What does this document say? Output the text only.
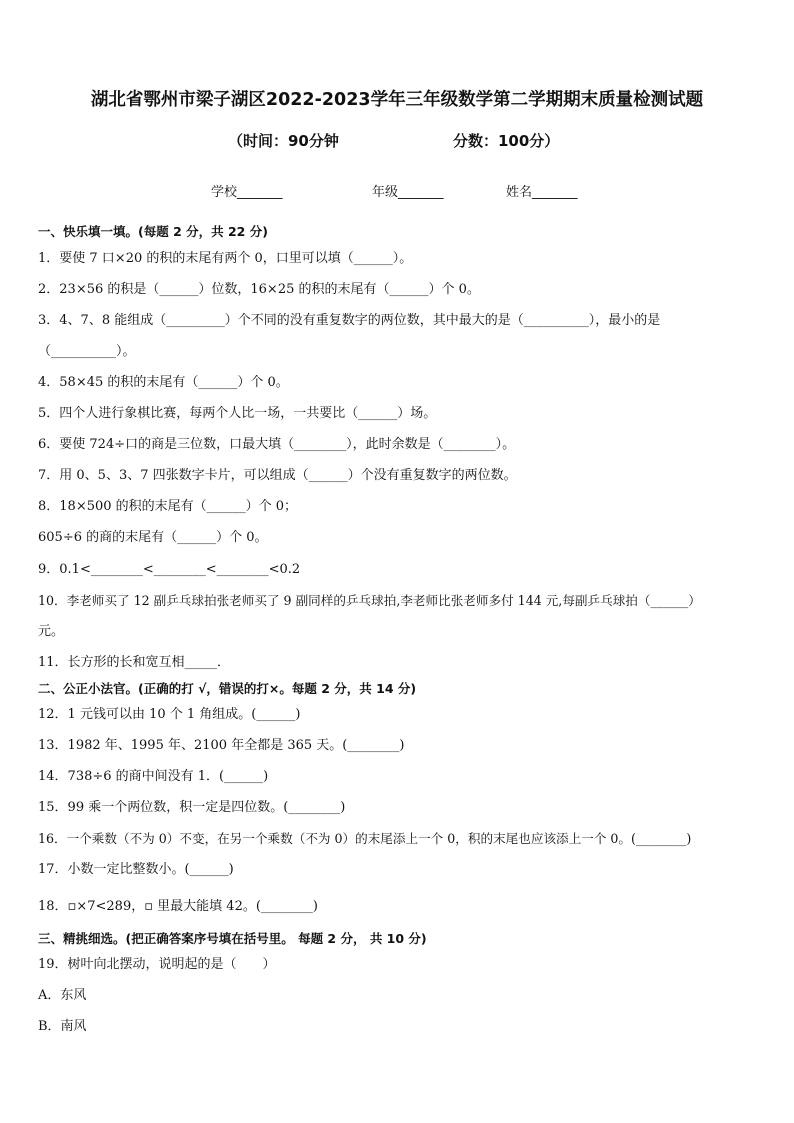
湖北省鄂州市梁子湖区2022-2023学年三年级数学第二学期期末质量检测试题
（时间：90分钟	分数：100分）
学校_______	年级_______	姓名_______
一、快乐填一填。(每题 2 分，共 22 分)
1．要使 7 口×20 的积的末尾有两个 0，口里可以填（______）。
2．23×56 的积是（______）位数，16×25 的积的末尾有（______）个 0。
3．4、7、8 能组成（_________）个不同的没有重复数字的两位数，其中最大的是（__________），最小的是
（__________）。
4．58×45 的积的末尾有（______）个 0。
5．四个人进行象棋比赛，每两个人比一场，一共要比（______）场。
6．要使 724÷口的商是三位数，口最大填（________），此时余数是（________）。
7．用 0、5、3、7 四张数字卡片，可以组成（______）个没有重复数字的两位数。
8．18×500 的积的末尾有（______）个 0；
605÷6 的商的末尾有（______）个 0。
9．0.1<________<________<________<0.2
10．李老师买了 12 副乒乓球拍张老师买了 9 副同样的乒乓球拍,李老师比张老师多付 144 元,每副乒乓球拍（______）
元。
11．长方形的长和宽互相_____．
二、公正小法官。(正确的打 √，错误的打×。每题 2 分，共 14 分)
12．1 元钱可以由 10 个 1 角组成。(______)
13．1982 年、1995 年、2100 年全都是 365 天。(________)
14．738÷6 的商中间没有 1．(______)
15．99 乘一个两位数，积一定是四位数。(________)
16．一个乘数（不为 0）不变，在另一个乘数（不为 0）的末尾添上一个 0，积的末尾也应该添上一个 0。(________)
17．小数一定比整数小。(______)
18．▫×7<289，▫ 里最大能填 42。(________)
三、精挑细选。(把正确答案序号填在括号里。 每题 2 分， 共 10 分)
19．树叶向北摆动，说明起的是（　　）
A．东风
B．南风
